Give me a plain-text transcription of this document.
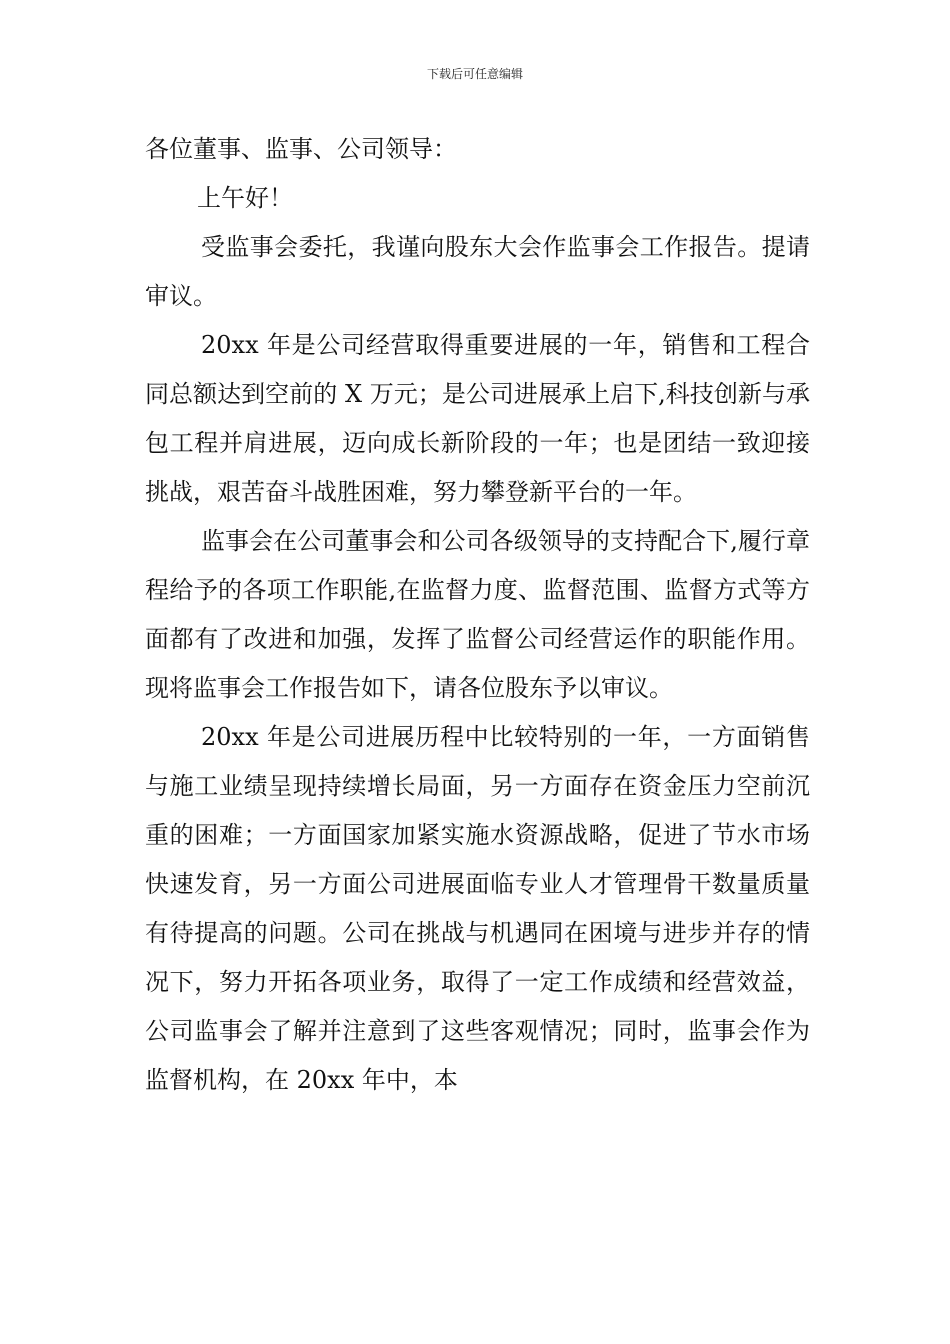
下载后可任意编辑

各位董事、监事、公司领导：

上午好！

受监事会委托，我谨向股东大会作监事会工作报告。提请审议。

20xx 年是公司经营取得重要进展的一年，销售和工程合同总额达到空前的 X 万元；是公司进展承上启下,科技创新与承包工程并肩进展，迈向成长新阶段的一年；也是团结一致迎接挑战，艰苦奋斗战胜困难，努力攀登新平台的一年。

监事会在公司董事会和公司各级领导的支持配合下,履行章程给予的各项工作职能,在监督力度、监督范围、监督方式等方面都有了改进和加强，发挥了监督公司经营运作的职能作用。现将监事会工作报告如下，请各位股东予以审议。

20xx 年是公司进展历程中比较特别的一年，一方面销售与施工业绩呈现持续增长局面，另一方面存在资金压力空前沉重的困难；一方面国家加紧实施水资源战略，促进了节水市场快速发育，另一方面公司进展面临专业人才管理骨干数量质量有待提高的问题。公司在挑战与机遇同在困境与进步并存的情况下，努力开拓各项业务，取得了一定工作成绩和经营效益，公司监事会了解并注意到了这些客观情况；同时，监事会作为监督机构，在 20xx 年中，本
